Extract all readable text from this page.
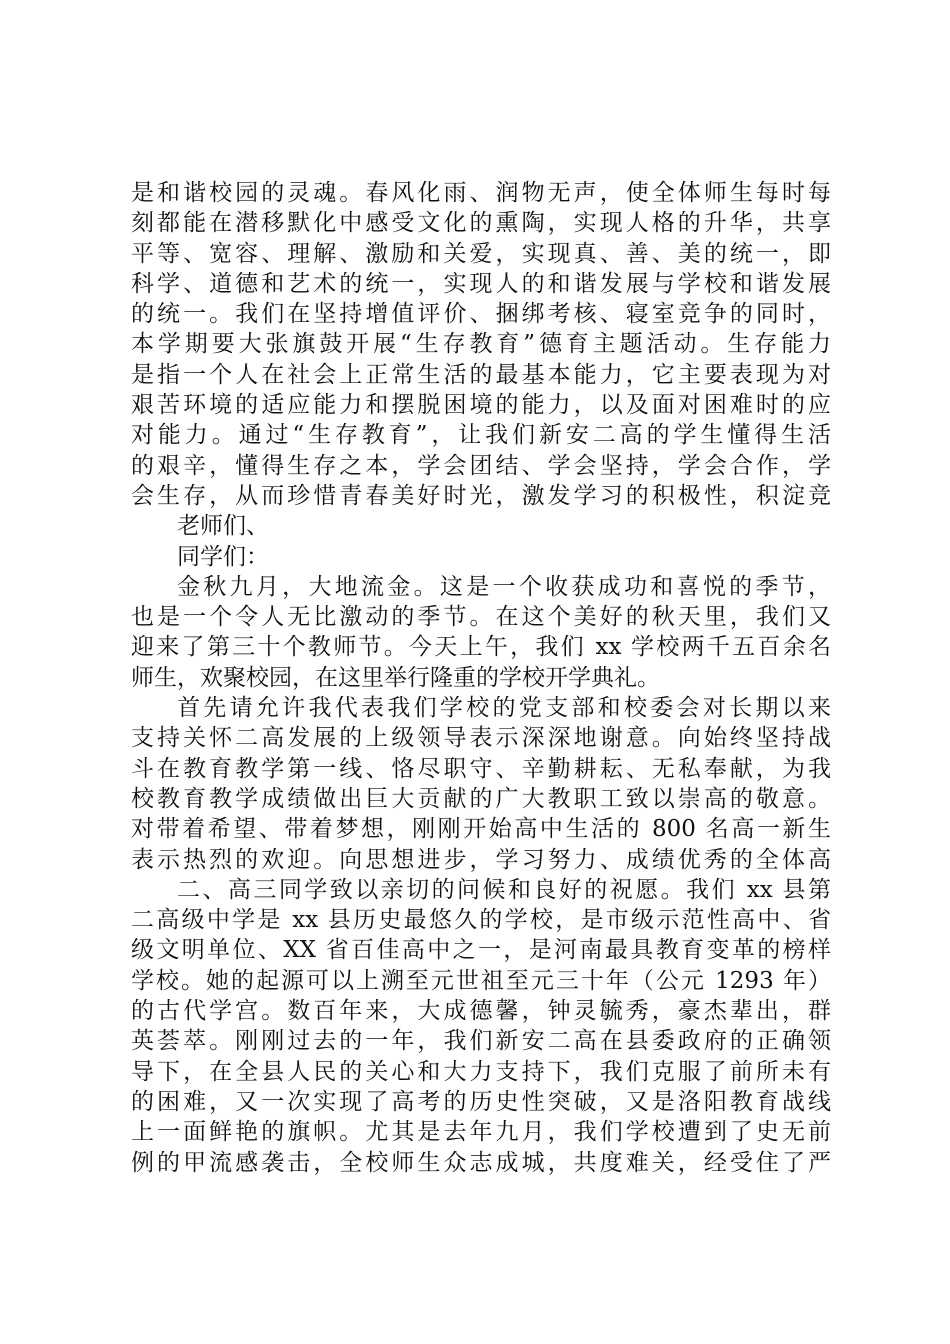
是和谐校园的灵魂。春风化雨、润物无声，使全体师生每时每
刻都能在潜移默化中感受文化的熏陶，实现人格的升华，共享
平等、宽容、理解、激励和关爱，实现真、善、美的统一，即
科学、道德和艺术的统一，实现人的和谐发展与学校和谐发展
的统一。我们在坚持增值评价、捆绑考核、寝室竞争的同时，
本学期要大张旗鼓开展“生存教育”德育主题活动。生存能力
是指一个人在社会上正常生活的最基本能力，它主要表现为对
艰苦环境的适应能力和摆脱困境的能力，以及面对困难时的应
对能力。通过“生存教育”，让我们新安二高的学生懂得生活
的艰辛，懂得生存之本，学会团结、学会坚持，学会合作，学
会生存，从而珍惜青春美好时光，激发学习的积极性，积淀竞
老师们、
同学们：
金秋九月，大地流金。这是一个收获成功和喜悦的季节，
也是一个令人无比激动的季节。在这个美好的秋天里，我们又
迎来了第三十个教师节。今天上午，我们 xx 学校两千五百余名
师生，欢聚校园，在这里举行隆重的学校开学典礼。
首先请允许我代表我们学校的党支部和校委会对长期以来
支持关怀二高发展的上级领导表示深深地谢意。向始终坚持战
斗在教育教学第一线、恪尽职守、辛勤耕耘、无私奉献，为我
校教育教学成绩做出巨大贡献的广大教职工致以崇高的敬意。
对带着希望、带着梦想，刚刚开始高中生活的 800 名高一新生
表示热烈的欢迎。向思想进步，学习努力、成绩优秀的全体高
二、高三同学致以亲切的问候和良好的祝愿。我们 xx 县第
二高级中学是 xx 县历史最悠久的学校，是市级示范性高中、省
级文明单位、XX 省百佳高中之一，是河南最具教育变革的榜样
学校。她的起源可以上溯至元世祖至元三十年（公元 1293 年）
的古代学宫。数百年来，大成德馨，钟灵毓秀，豪杰辈出，群
英荟萃。刚刚过去的一年，我们新安二高在县委政府的正确领
导下，在全县人民的关心和大力支持下，我们克服了前所未有
的困难，又一次实现了高考的历史性突破，又是洛阳教育战线
上一面鲜艳的旗帜。尤其是去年九月，我们学校遭到了史无前
例的甲流感袭击，全校师生众志成城，共度难关，经受住了严
